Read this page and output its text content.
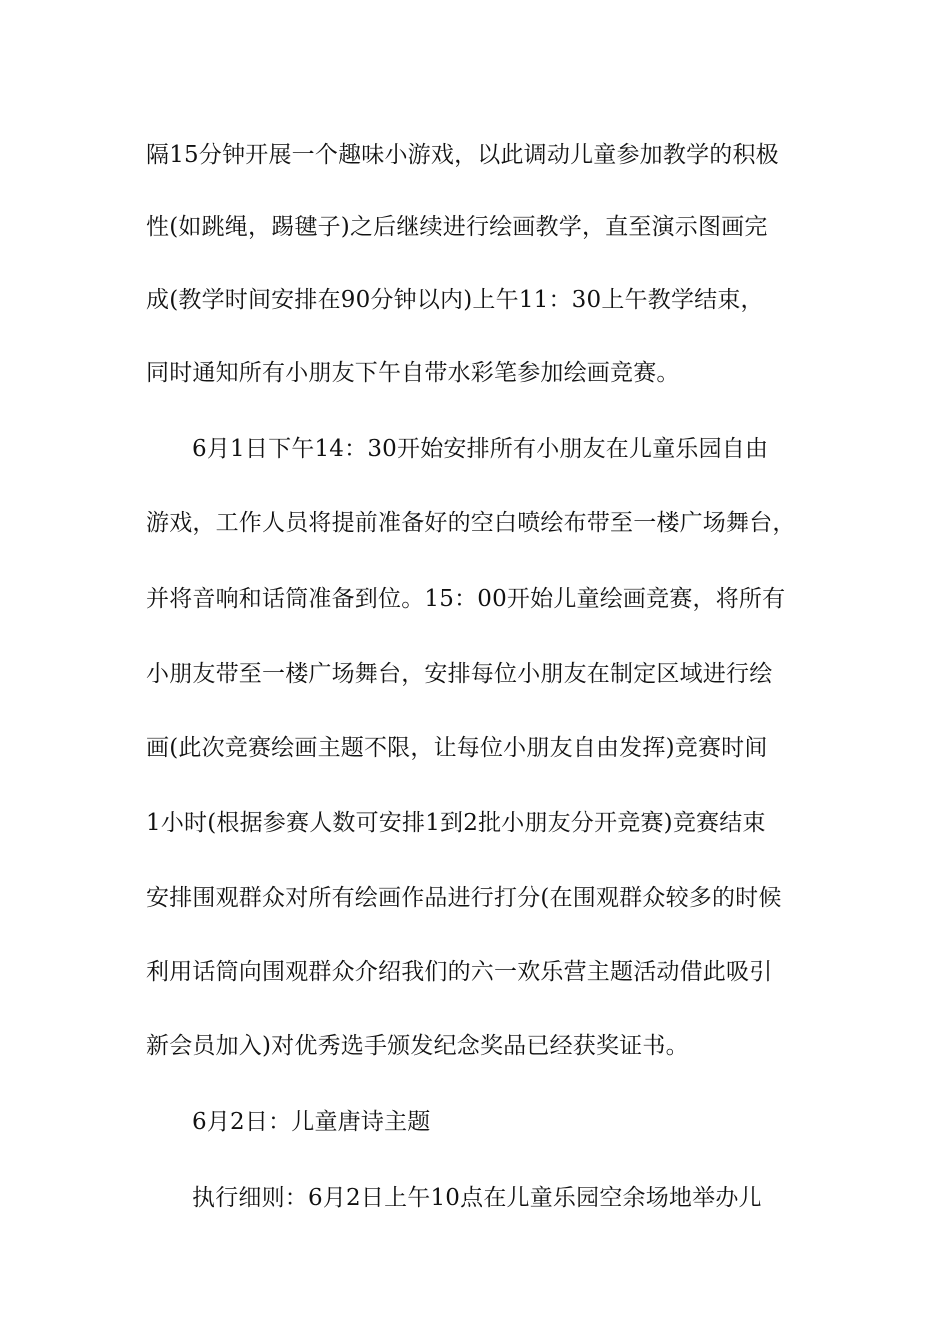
隔15分钟开展一个趣味小游戏，以此调动儿童参加教学的积极
性(如跳绳，踢毽子)之后继续进行绘画教学，直至演示图画完
成(教学时间安排在90分钟以内)上午11：30上午教学结束，
同时通知所有小朋友下午自带水彩笔参加绘画竞赛。
6月1日下午14：30开始安排所有小朋友在儿童乐园自由
游戏，工作人员将提前准备好的空白喷绘布带至一楼广场舞台，
并将音响和话筒准备到位。15：00开始儿童绘画竞赛，将所有
小朋友带至一楼广场舞台，安排每位小朋友在制定区域进行绘
画(此次竞赛绘画主题不限，让每位小朋友自由发挥)竞赛时间
1小时(根据参赛人数可安排1到2批小朋友分开竞赛)竞赛结束
安排围观群众对所有绘画作品进行打分(在围观群众较多的时候
利用话筒向围观群众介绍我们的六一欢乐营主题活动借此吸引
新会员加入)对优秀选手颁发纪念奖品已经获奖证书。
6月2日：儿童唐诗主题
执行细则：6月2日上午10点在儿童乐园空余场地举办儿
